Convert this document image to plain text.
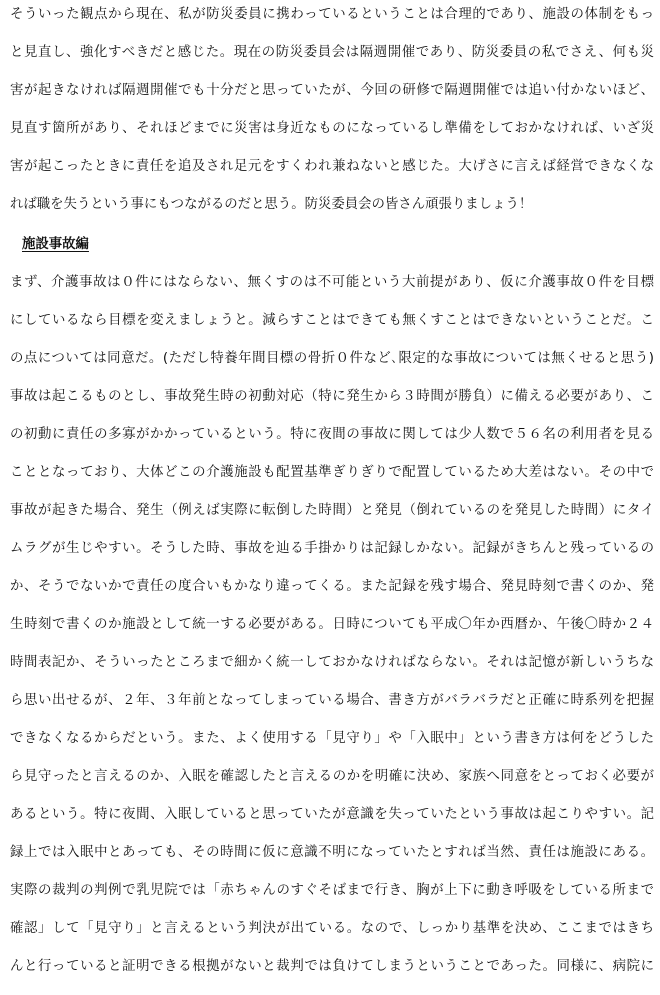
そういった観点から現在、私が防災委員に携わっているということは合理的であり、施設の体制をもっ
と見直し、強化すべきだと感じた。現在の防災委員会は隔週開催であり、防災委員の私でさえ、何も災
害が起きなければ隔週開催でも十分だと思っていたが、今回の研修で隔週開催では追い付かないほど、
見直す箇所があり、それほどまでに災害は身近なものになっているし準備をしておかなければ、いざ災
害が起こったときに責任を追及され足元をすくわれ兼ねないと感じた。大げさに言えば経営できなくな
れば職を失うという事にもつながるのだと思う。防災委員会の皆さん頑張りましょう！
施設事故編
まず、介護事故は０件にはならない、無くすのは不可能という大前提があり、仮に介護事故０件を目標
にしているなら目標を変えましょうと。減らすことはできても無くすことはできないということだ。こ
の点については同意だ。(ただし特養年間目標の骨折０件など､限定的な事故については無くせると思う)
事故は起こるものとし、事故発生時の初動対応（特に発生から３時間が勝負）に備える必要があり、こ
の初動に責任の多寡がかかっているという。特に夜間の事故に関しては少人数で５６名の利用者を見る
こととなっており、大体どこの介護施設も配置基準ぎりぎりで配置しているため大差はない。その中で
事故が起きた場合、発生（例えば実際に転倒した時間）と発見（倒れているのを発見した時間）にタイ
ムラグが生じやすい。そうした時、事故を辿る手掛かりは記録しかない。記録がきちんと残っているの
か、そうでないかで責任の度合いもかなり違ってくる。また記録を残す場合、発見時刻で書くのか、発
生時刻で書くのか施設として統一する必要がある。日時についても平成〇年か西暦か、午後〇時か２４
時間表記か、そういったところまで細かく統一しておかなければならない。それは記憶が新しいうちな
ら思い出せるが、２年、３年前となってしまっている場合、書き方がバラバラだと正確に時系列を把握
できなくなるからだという。また、よく使用する「見守り」や「入眠中」という書き方は何をどうした
ら見守ったと言えるのか、入眠を確認したと言えるのかを明確に決め、家族へ同意をとっておく必要が
あるという。特に夜間、入眠していると思っていたが意識を失っていたという事故は起こりやすい。記
録上では入眠中とあっても、その時間に仮に意識不明になっていたとすれば当然、責任は施設にある。
実際の裁判の判例で乳児院では「赤ちゃんのすぐそばまで行き、胸が上下に動き呼吸をしている所まで
確認」して「見守り」と言えるという判決が出ている。なので、しっかり基準を決め、ここまではきち
んと行っていると証明できる根拠がないと裁判では負けてしまうということであった。同様に、病院に
